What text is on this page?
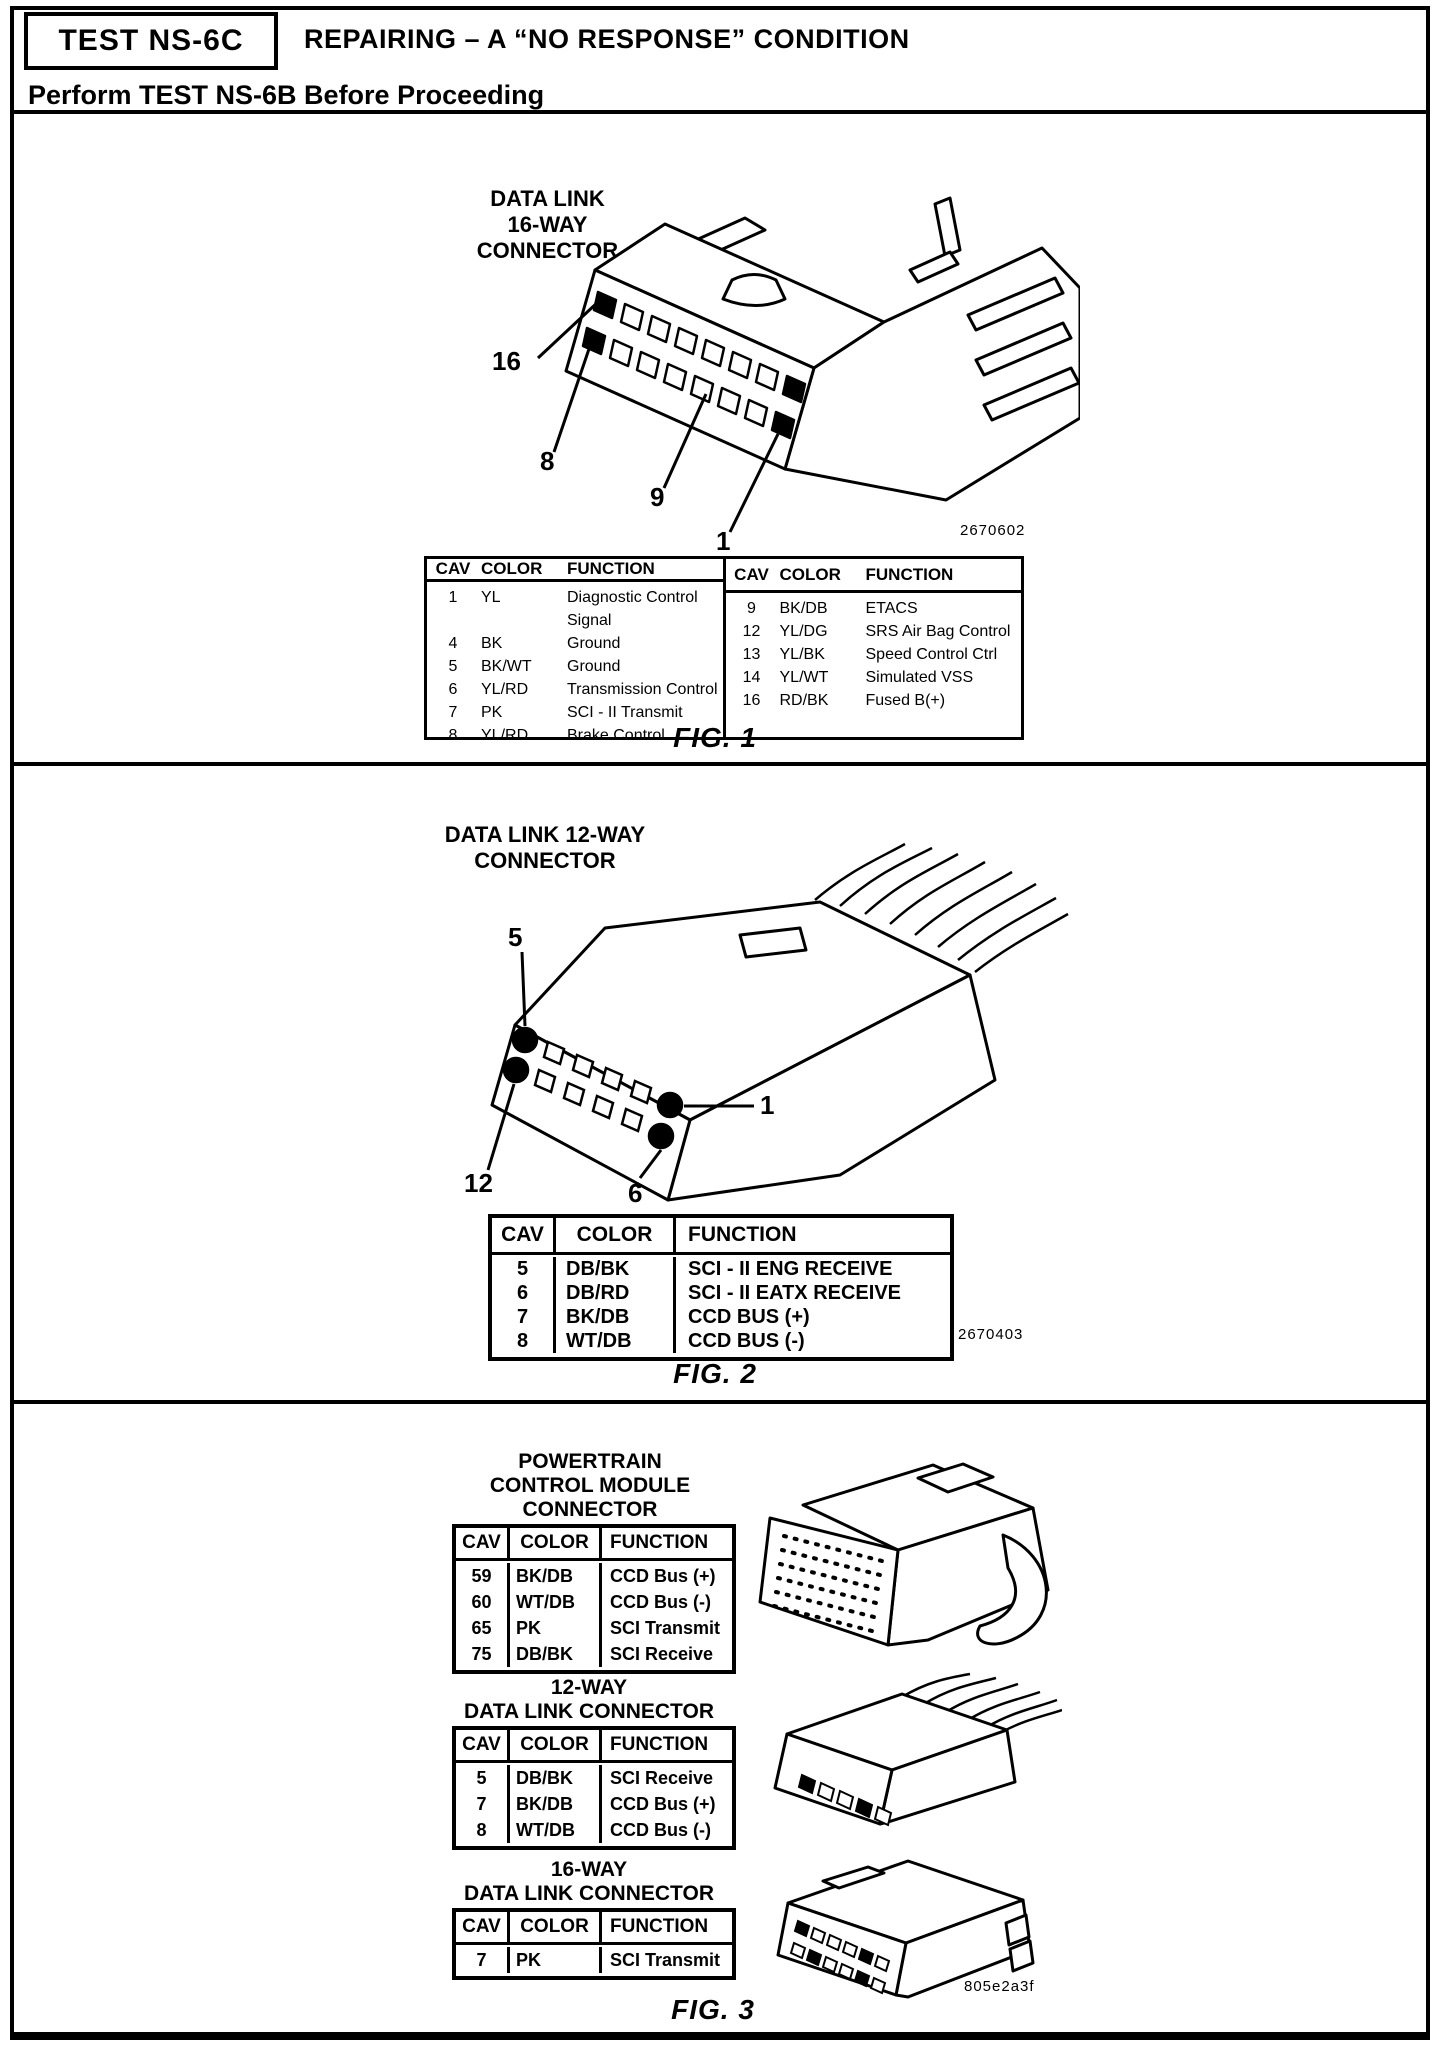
TEST NS-6C REPAIRING – A “NO RESPONSE” CONDITION
Perform TEST NS-6B Before Proceeding
DATA LINK
16-WAY
CONNECTOR
16
8
9
1	2670602
CAV COLOR	FUNCTION
1	YL	Diagnostic Control Signal
4	BK	Ground
5	BK/WT	Ground
6	YL/RD	Transmission Control
7	PK	SCI - II Transmit
8	YL/RD	Brake Control
CAV COLOR	FUNCTION
9	BK/DB	ETACS
12	YL/DG	SRS Air Bag Control
13	YL/BK	Speed Control Ctrl
14	YL/WT	Simulated VSS
16	RD/BK	Fused B(+)
FIG. 1
DATA LINK 12-WAY
CONNECTOR
5
1
12	6
CAV	COLOR	FUNCTION
5	DB/BK	SCI - II ENG RECEIVE
6	DB/RD	SCI - II EATX RECEIVE
7	BK/DB	CCD BUS (+)
8	WT/DB	CCD BUS (-)	2670403
FIG. 2
POWERTRAIN
CONTROL MODULE
CONNECTOR
CAV	COLOR	FUNCTION
59	BK/DB	CCD Bus (+)
60	WT/DB	CCD Bus (-)
65	PK	SCI Transmit
75	DB/BK	SCI Receive
12-WAY
DATA LINK CONNECTOR
CAV	COLOR	FUNCTION
5	DB/BK	SCI Receive
7	BK/DB	CCD Bus (+)
8	WT/DB	CCD Bus (-)
16-WAY
DATA LINK CONNECTOR
CAV	COLOR	FUNCTION
7	PK	SCI Transmit
805e2a3f
FIG. 3
